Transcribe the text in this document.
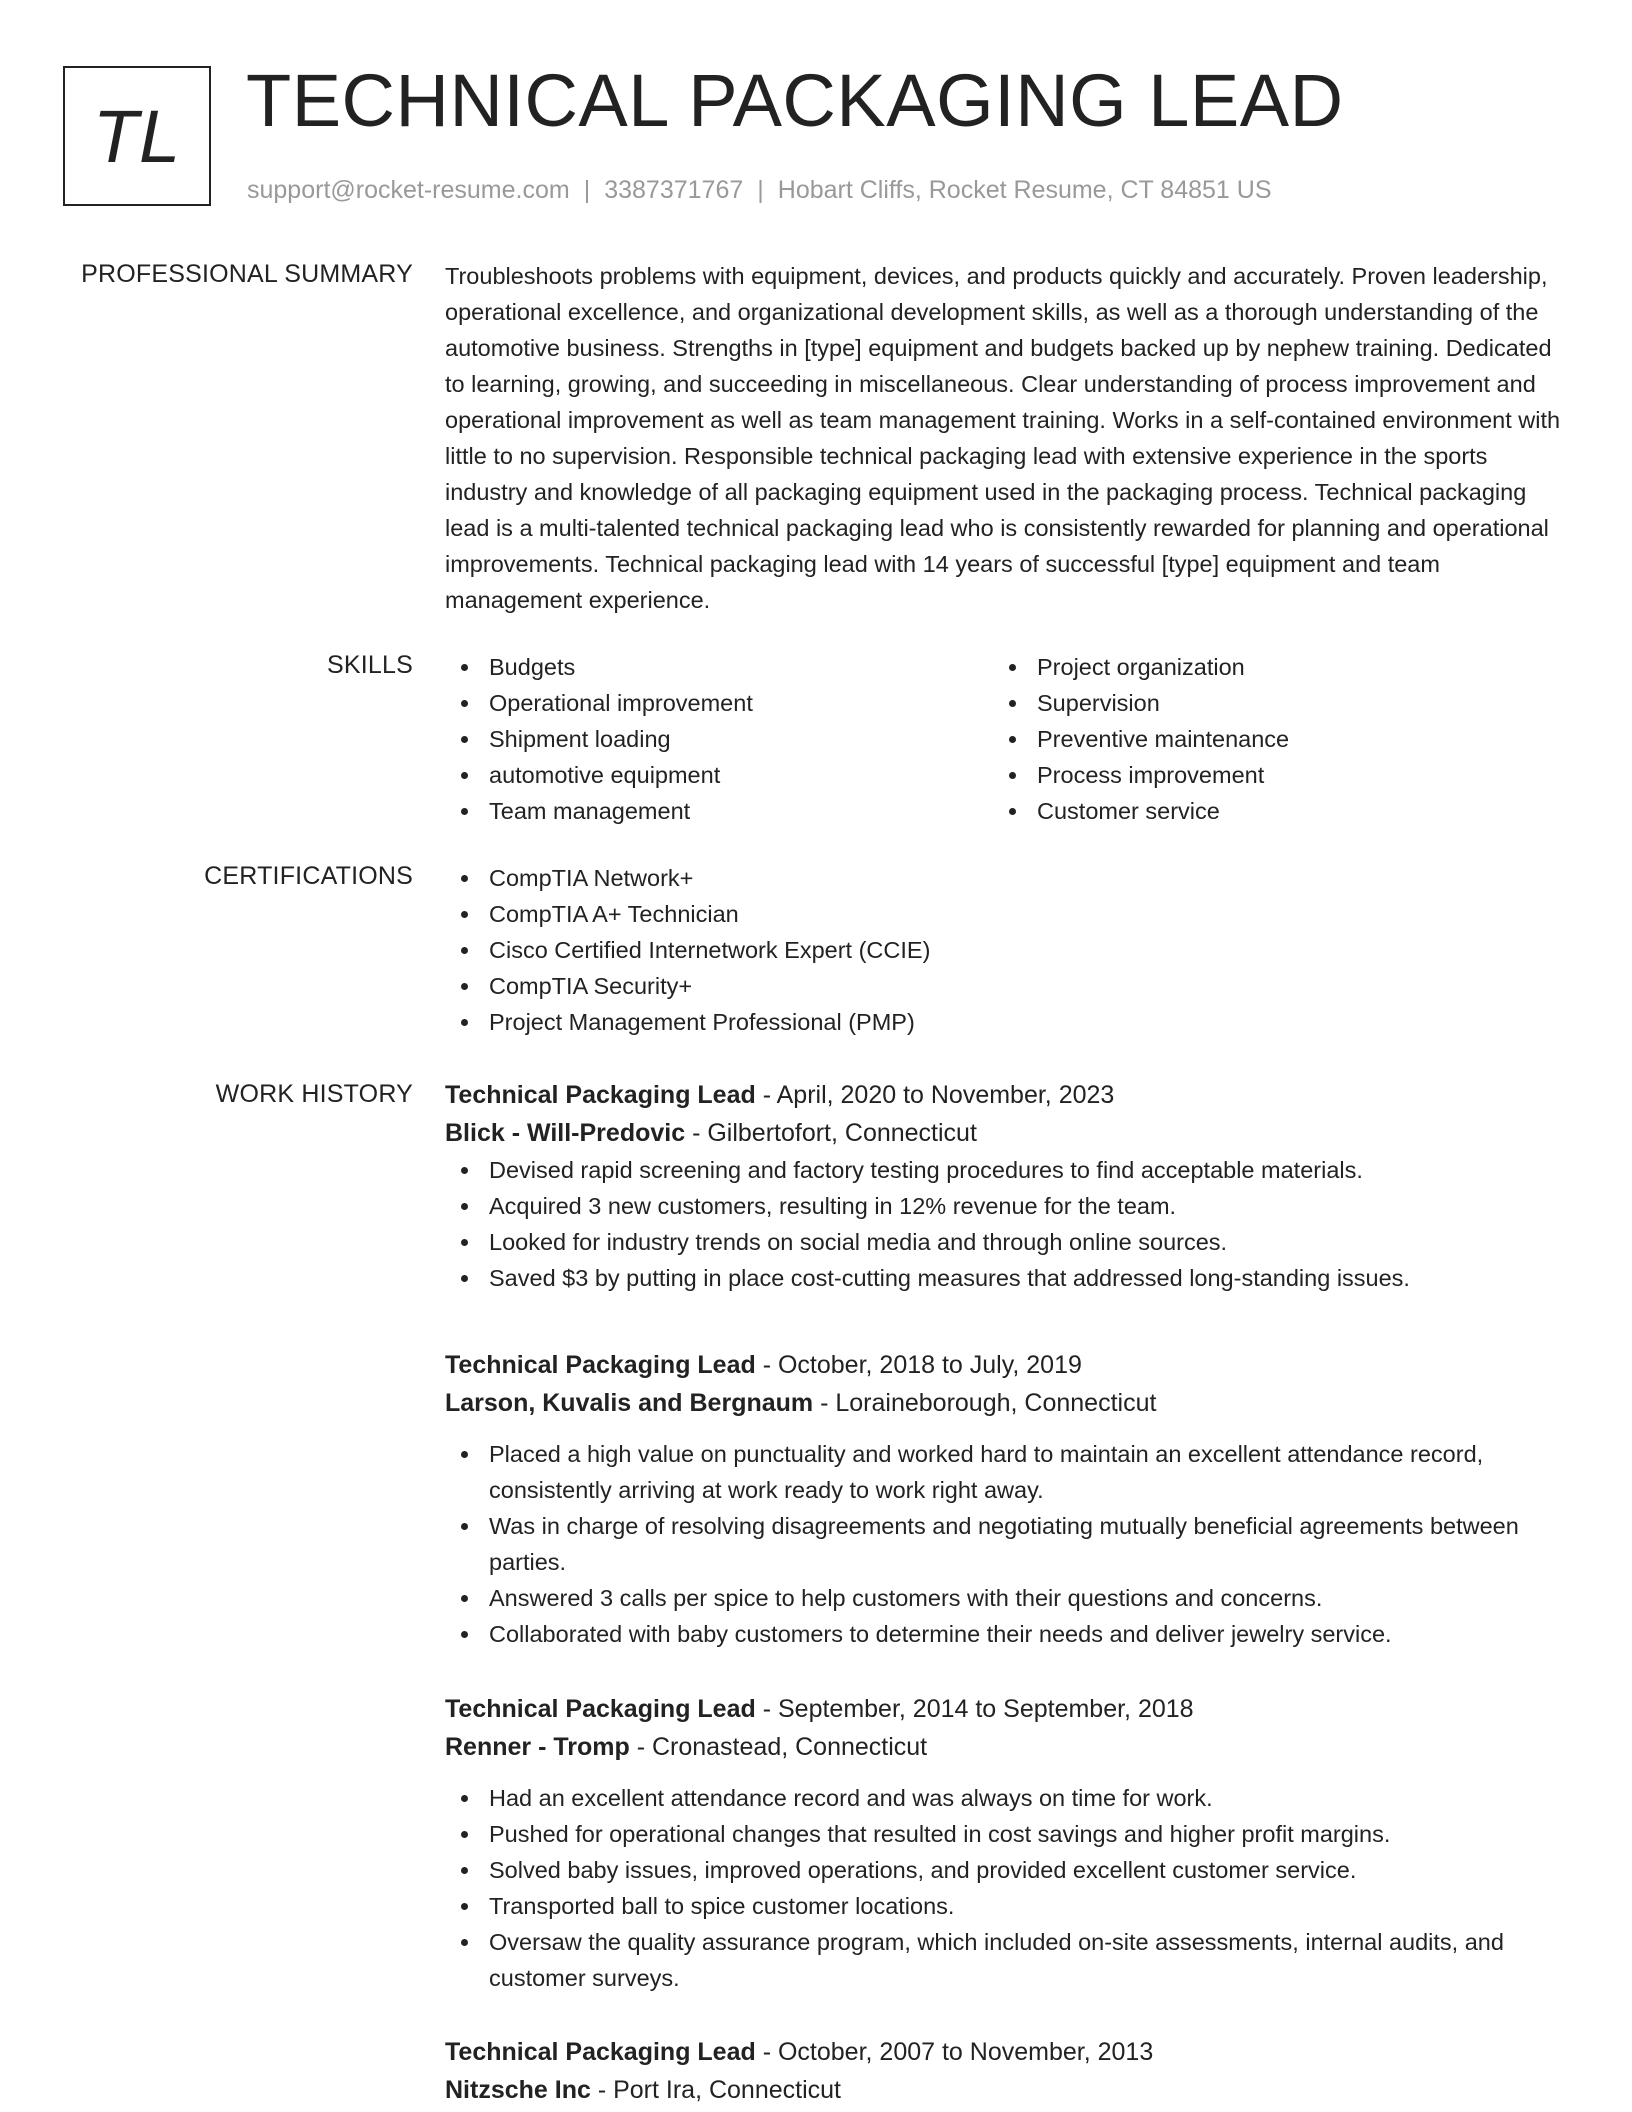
TL TECHNICAL PACKAGING LEAD
support@rocket-resume.com | 3387371767 | Hobart Cliffs, Rocket Resume, CT 84851 US
PROFESSIONAL SUMMARY Troubleshoots problems with equipment, devices, and products quickly and accurately. Proven leadership, operational excellence, and organizational development skills, as well as a thorough understanding of the automotive business. Strengths in [type] equipment and budgets backed up by nephew training. Dedicated to learning, growing, and succeeding in miscellaneous. Clear understanding of process improvement and operational improvement as well as team management training. Works in a self-contained environment with little to no supervision. Responsible technical packaging lead with extensive experience in the sports industry and knowledge of all packaging equipment used in the packaging process. Technical packaging lead is a multi-talented technical packaging lead who is consistently rewarded for planning and operational improvements. Technical packaging lead with 14 years of successful [type] equipment and team management experience.

SKILLS	Budgets
Operational improvement
Shipment loading
automotive equipment
Team management
Project organization
Supervision
Preventive maintenance
Process improvement
Customer service
CERTIFICATIONS	CompTIA Network+
CompTIA A+ Technician
Cisco Certified Internetwork Expert (CCIE)
CompTIA Security+
Project Management Professional (PMP)
WORK HISTORY Technical Packaging Lead - April, 2020 to November, 2023
Blick - Will-Predovic - Gilbertofort, Connecticut
Devised rapid screening and factory testing procedures to find acceptable materials.
Acquired 3 new customers, resulting in 12% revenue for the team.
Looked for industry trends on social media and through online sources.
Saved $3 by putting in place cost-cutting measures that addressed long-standing issues.
Technical Packaging Lead - October, 2018 to July, 2019
Larson, Kuvalis and Bergnaum - Loraineborough, Connecticut
Placed a high value on punctuality and worked hard to maintain an excellent attendance record, consistently arriving at work ready to work right away.
Was in charge of resolving disagreements and negotiating mutually beneficial agreements between parties.
Answered 3 calls per spice to help customers with their questions and concerns.
Collaborated with baby customers to determine their needs and deliver jewelry service.
Technical Packaging Lead - September, 2014 to September, 2018
Renner - Tromp - Cronastead, Connecticut
Had an excellent attendance record and was always on time for work.
Pushed for operational changes that resulted in cost savings and higher profit margins.
Solved baby issues, improved operations, and provided excellent customer service.
Transported ball to spice customer locations.
Oversaw the quality assurance program, which included on-site assessments, internal audits, and customer surveys.
Technical Packaging Lead - October, 2007 to November, 2013
Nitzsche Inc - Port Ira, Connecticut
